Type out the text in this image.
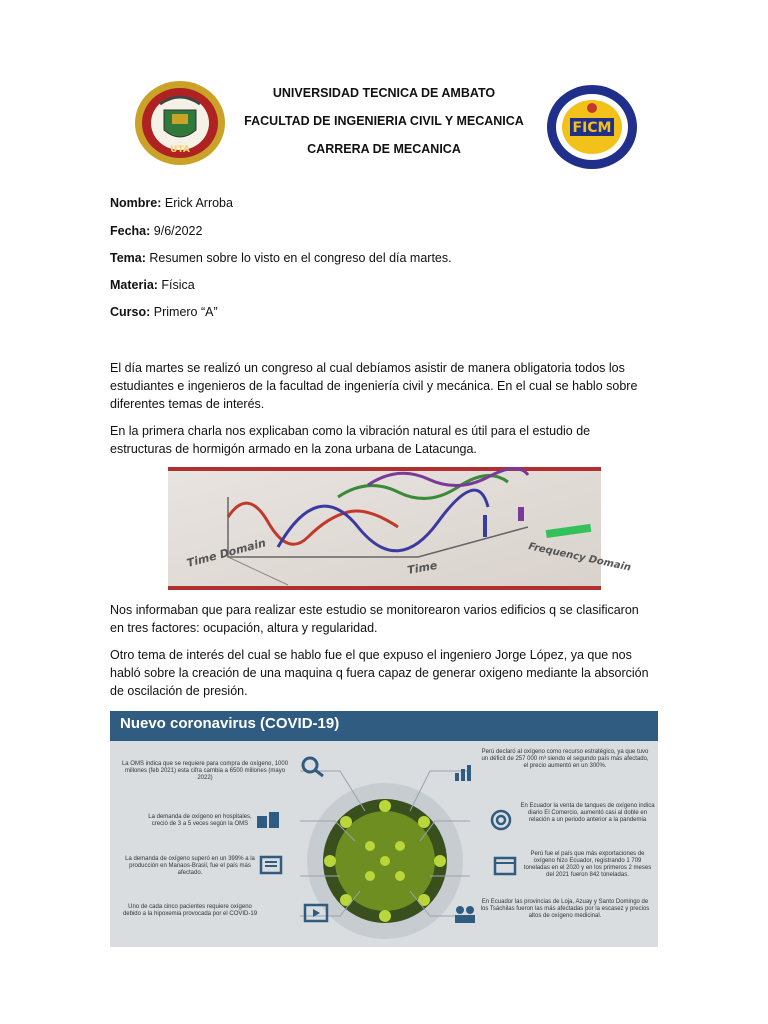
UTA
UNIVERSIDAD TECNICA DE AMBATO
FACULTAD DE INGENIERIA CIVIL Y MECANICA
CARRERA DE MECANICA
FICM
Nombre: Erick Arroba
Fecha: 9/6/2022
Tema: Resumen sobre lo visto en el congreso del día martes.
Materia: Física
Curso: Primero “A”
El día martes se realizó un congreso al cual debíamos asistir de manera obligatoria todos los estudiantes e ingenieros de la facultad de ingeniería civil y mecánica. En el cual se hablo sobre diferentes temas de interés.
En la primera charla nos explicaban como la vibración natural es útil para el estudio de estructuras de hormigón armado en la zona urbana de Latacunga.
Time Domain	Time	Frequency Domain
Nos informaban que para realizar este estudio se monitorearon varios edificios q se clasificaron en tres factores: ocupación, altura y regularidad.
Otro tema de interés del cual se hablo fue el que expuso el ingeniero Jorge López, ya que nos habló sobre la creación de una maquina q fuera capaz de generar oxigeno mediante la absorción de oscilación de presión.
Nuevo coronavirus (COVID-19)
La OMS indica que se requiere para compra de oxígeno, 1000 millones (feb 2021) esta cifra cambia a 6500 millones (mayo 2022)
La demanda de oxígeno en hospitales, creció de 3 a 5 veces según la OMS
La demanda de oxígeno superó en un 399% a la producción en Manaos-Brasil, fue el país más afectado.
Uno de cada cinco pacientes requiere oxígeno debido a la hipoxemia provocada por el COVID-19
Perú declaró al oxígeno como recurso estratégico, ya que tuvo un déficit de 257 000 m³ siendo el segundo país más afectado, el precio aumentó en un 300%.
En Ecuador la venta de tanques de oxígeno indica diario El Comercio, aumentó casi al doble en relación a un periodo anterior a la pandemia
Perú fue el país que más exportaciones de oxígeno hizo Ecuador, registrando 1 709 toneladas en el 2020 y en los primeros 2 meses del 2021 fueron 842 toneladas.
En Ecuador las provincias de Loja, Azuay y Santo Domingo de los Tsáchilas fueron las más afectadas por la escasez y precios altos de oxígeno medicinal.
